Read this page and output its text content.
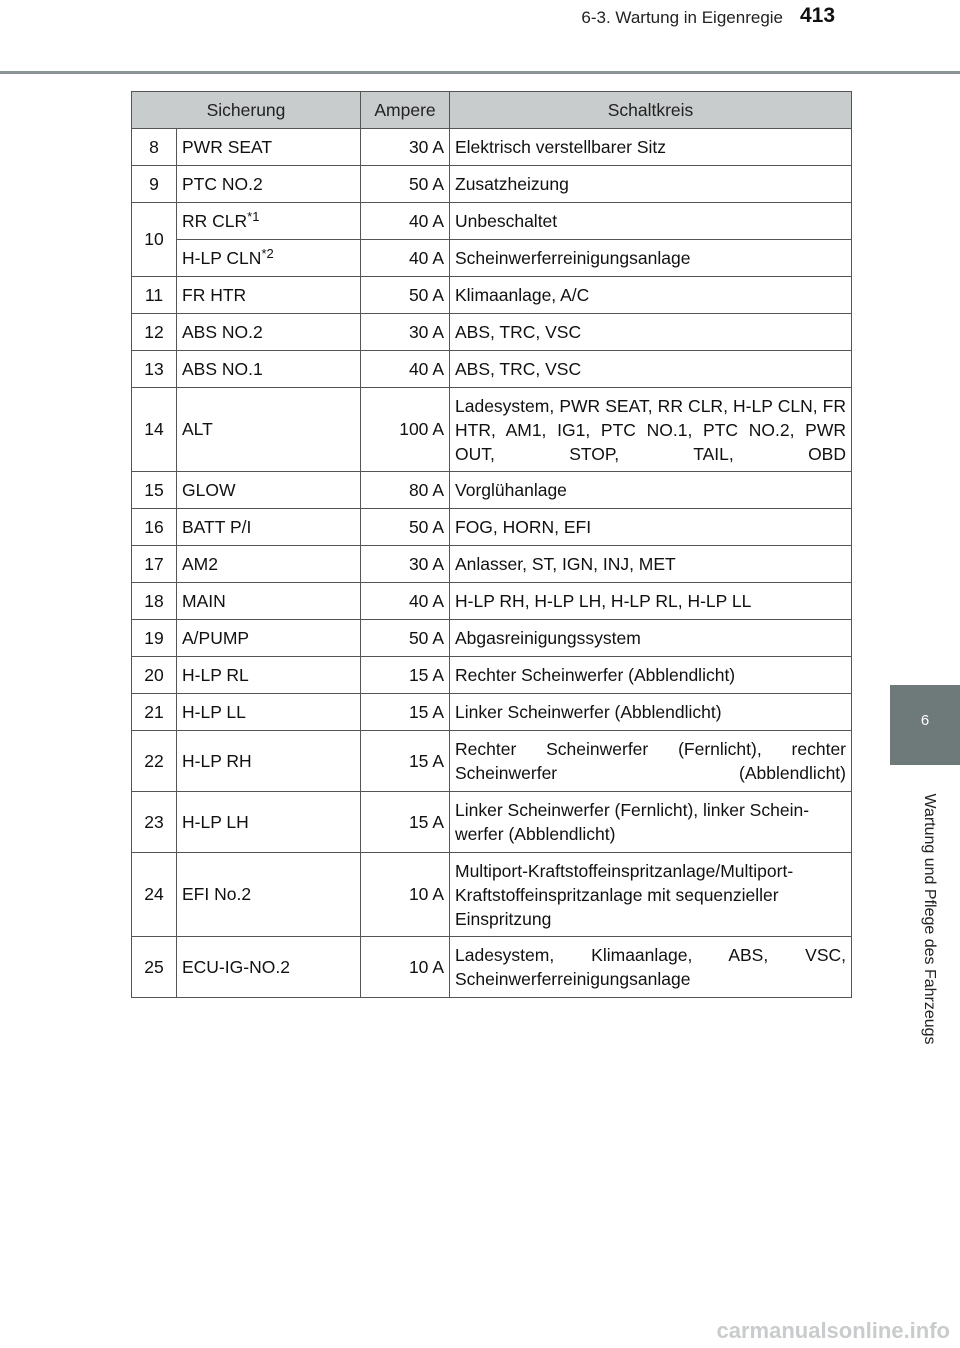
6-3. Wartung in Eigenregie 413
6
Wartung und Pflege des Fahrzeugs
Sicherung		Ampere	Schaltkreis
8	PWR SEAT	30 A	Elektrisch verstellbarer Sitz
9	PTC NO.2	50 A	Zusatzheizung
10	RR CLR$^{*1}$	40 A	Unbeschaltet
	H-LP CLN$^{*2}$	40 A	Scheinwerferreinigungsanlage
11	FR HTR	50 A	Klimaanlage, A/C
12	ABS NO.2	30 A	ABS, TRC, VSC
13	ABS NO.1	40 A	ABS, TRC, VSC
14	ALT	100 A	Ladesystem, PWR SEAT, RR CLR, H-LP CLN, FR HTR, AM1, IG1, PTC NO.1, PTC NO.2, PWR OUT, STOP, TAIL, OBD
15	GLOW	80 A	Vorglühanlage
16	BATT P/I	50 A	FOG, HORN, EFI
17	AM2	30 A	Anlasser, ST, IGN, INJ, MET
18	MAIN	40 A	H-LP RH, H-LP LH, H-LP RL, H-LP LL
19	A/PUMP	50 A	Abgasreinigungssystem
20	H-LP RL	15 A	Rechter Scheinwerfer (Abblendlicht)
21	H-LP LL	15 A	Linker Scheinwerfer (Abblendlicht)
22	H-LP RH	15 A	Rechter Scheinwerfer (Fernlicht), rechter Scheinwerfer (Abblendlicht)
23	H-LP LH	15 A	Linker Scheinwerfer (Fernlicht), linker Schein-werfer (Abblendlicht)
24	EFI No.2	10 A	Multiport-Kraftstoffeinspritzanlage/Multiport-Kraftstoffeinspritzanlage mit sequenzieller Einspritzung
25	ECU-IG-NO.2	10 A	Ladesystem, Klimaanlage, ABS, VSC, Scheinwerferreinigungsanlage
carmanualsonline.info
